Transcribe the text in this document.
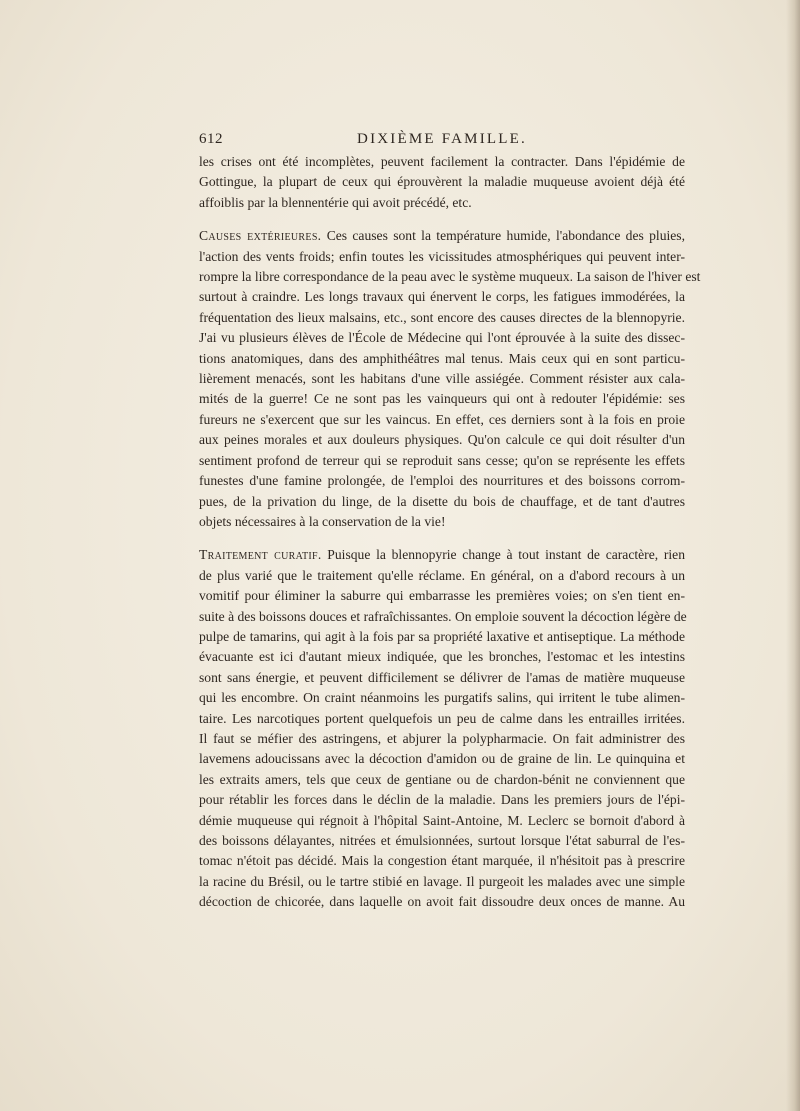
612	DIXIÈME FAMILLE.
les crises ont été incomplètes, peuvent facilement la contracter. Dans l'épidémie de
Gottingue, la plupart de ceux qui éprouvèrent la maladie muqueuse avoient déjà été
affoiblis par la blennentérie qui avoit précédé, etc.
Causes extérieures. Ces causes sont la température humide, l'abondance des pluies,
l'action des vents froids; enfin toutes les vicissitudes atmosphériques qui peuvent inter-
rompre la libre correspondance de la peau avec le système muqueux. La saison de l'hiver est
surtout à craindre. Les longs travaux qui énervent le corps, les fatigues immodérées, la
fréquentation des lieux malsains, etc., sont encore des causes directes de la blennopyrie.
J'ai vu plusieurs élèves de l'École de Médecine qui l'ont éprouvée à la suite des dissec-
tions anatomiques, dans des amphithéâtres mal tenus. Mais ceux qui en sont particu-
lièrement menacés, sont les habitans d'une ville assiégée. Comment résister aux cala-
mités de la guerre! Ce ne sont pas les vainqueurs qui ont à redouter l'épidémie: ses
fureurs ne s'exercent que sur les vaincus. En effet, ces derniers sont à la fois en proie
aux peines morales et aux douleurs physiques. Qu'on calcule ce qui doit résulter d'un
sentiment profond de terreur qui se reproduit sans cesse; qu'on se représente les effets
funestes d'une famine prolongée, de l'emploi des nourritures et des boissons corrom-
pues, de la privation du linge, de la disette du bois de chauffage, et de tant d'autres
objets nécessaires à la conservation de la vie!
Traitement curatif. Puisque la blennopyrie change à tout instant de caractère, rien
de plus varié que le traitement qu'elle réclame. En général, on a d'abord recours à un
vomitif pour éliminer la saburre qui embarrasse les premières voies; on s'en tient en-
suite à des boissons douces et rafraîchissantes. On emploie souvent la décoction légère de
pulpe de tamarins, qui agit à la fois par sa propriété laxative et antiseptique. La méthode
évacuante est ici d'autant mieux indiquée, que les bronches, l'estomac et les intestins
sont sans énergie, et peuvent difficilement se délivrer de l'amas de matière muqueuse
qui les encombre. On craint néanmoins les purgatifs salins, qui irritent le tube alimen-
taire. Les narcotiques portent quelquefois un peu de calme dans les entrailles irritées.
Il faut se méfier des astringens, et abjurer la polypharmacie. On fait administrer des
lavemens adoucissans avec la décoction d'amidon ou de graine de lin. Le quinquina et
les extraits amers, tels que ceux de gentiane ou de chardon-bénit ne conviennent que
pour rétablir les forces dans le déclin de la maladie. Dans les premiers jours de l'épi-
démie muqueuse qui régnoit à l'hôpital Saint-Antoine, M. Leclerc se bornoit d'abord à
des boissons délayantes, nitrées et émulsionnées, surtout lorsque l'état saburral de l'es-
tomac n'étoit pas décidé. Mais la congestion étant marquée, il n'hésitoit pas à prescrire
la racine du Brésil, ou le tartre stibié en lavage. Il purgeoit les malades avec une simple
décoction de chicorée, dans laquelle on avoit fait dissoudre deux onces de manne. Au
